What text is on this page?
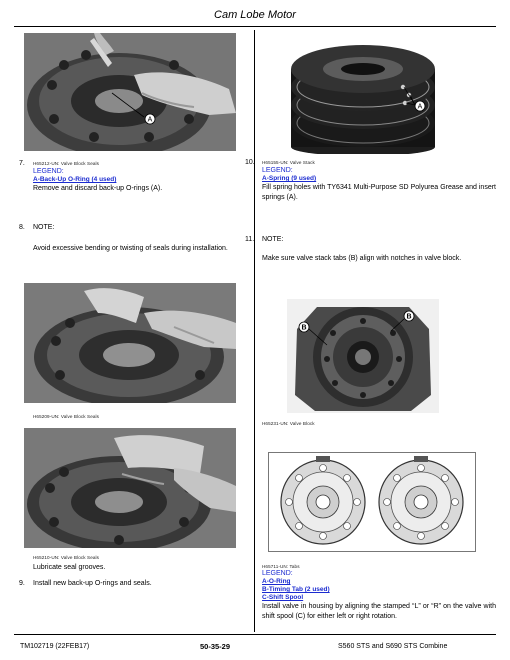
Cam Lobe Motor
A
7. H65212-UN: Valve Block Seals
LEGEND:
A-Back-Up O-Ring (4 used)
Remove and discard back-up O-rings (A).
8. NOTE:
Avoid excessive bending or twisting of seals during installation.
H65209-UN: Valve Block Seals
H65210-UN: Valve Block Seals
Lubricate seal grooves.
9. Install new back-up O-rings and seals.
A
10. H65155-UN: Valve Stack
LEGEND:
A-Spring (9 used)
Fill spring holes with TY6341 Multi-Purpose SD Polyurea Grease and insert springs (A).
11. NOTE:
Make sure valve stack tabs (B) align with notches in valve block.
B
B
H65231-UN: Valve Block
H65711-UN: Tabs
LEGEND:
A-O-Ring
B-Timing Tab (2 used)
C-Shift Spool
Install valve in housing by aligning the stamped “L” or “R” on the valve with shift spool (C) for either left or right rotation.
TM102719 (22FEB17)	50-35-29	S560 STS and S690 STS Combine
